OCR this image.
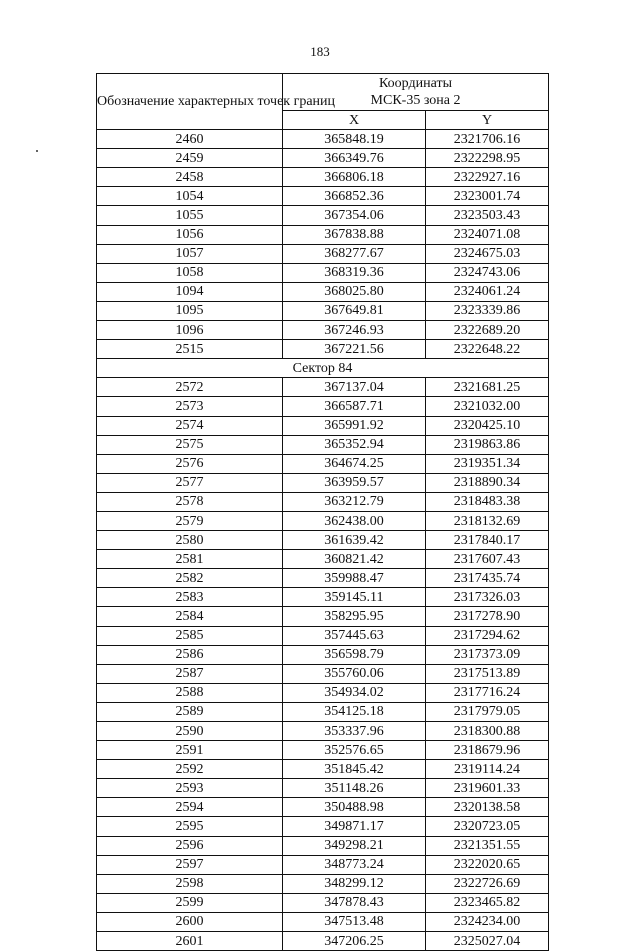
183
Обозначение характерных точек границ	Координаты
МСК-35 зона 2	

	X	Y
2460	365848.19	2321706.16
2459	366349.76	2322298.95
2458	366806.18	2322927.16
1054	366852.36	2323001.74
1055	367354.06	2323503.43
1056	367838.88	2324071.08
1057	368277.67	2324675.03
1058	368319.36	2324743.06
1094	368025.80	2324061.24
1095	367649.81	2323339.86
1096	367246.93	2322689.20
2515	367221.56	2322648.22
Сектор 84		
2572	367137.04	2321681.25
2573	366587.71	2321032.00
2574	365991.92	2320425.10
2575	365352.94	2319863.86
2576	364674.25	2319351.34
2577	363959.57	2318890.34
2578	363212.79	2318483.38
2579	362438.00	2318132.69
2580	361639.42	2317840.17
2581	360821.42	2317607.43
2582	359988.47	2317435.74
2583	359145.11	2317326.03
2584	358295.95	2317278.90
2585	357445.63	2317294.62
2586	356598.79	2317373.09
2587	355760.06	2317513.89
2588	354934.02	2317716.24
2589	354125.18	2317979.05
2590	353337.96	2318300.88
2591	352576.65	2318679.96
2592	351845.42	2319114.24
2593	351148.26	2319601.33
2594	350488.98	2320138.58
2595	349871.17	2320723.05
2596	349298.21	2321351.55
2597	348773.24	2322020.65
2598	348299.12	2322726.69
2599	347878.43	2323465.82
2600	347513.48	2324234.00
2601	347206.25	2325027.04
